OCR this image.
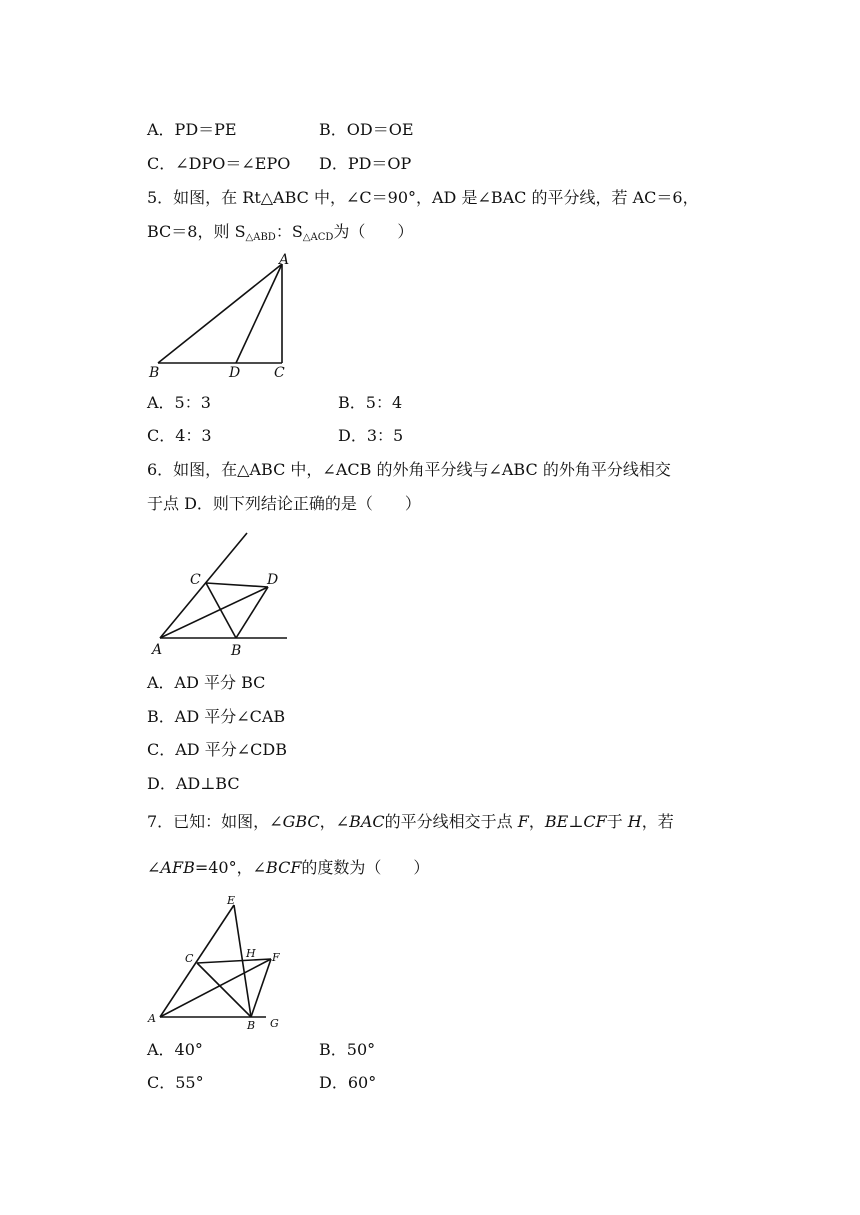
A．PD＝PE	B．OD＝OE
C．∠DPO＝∠EPO D．PD＝OP
5．如图，在 Rt△ABC 中，∠C＝90°，AD 是∠BAC 的平分线，若 AC＝6，
BC＝8，则 $S_{\triangle ABD}$：$S_{\triangle ACD}$为（　　）
A
B	D C
A．5：3	B．5：4
C．4：3	D．3：5
6．如图，在△ABC 中，∠ACB 的外角平分线与∠ABC 的外角平分线相交
于点 D．则下列结论正确的是（　　）
A	B
C	D
A．AD 平分 BC
B．AD 平分∠CAB
C．AD 平分∠CDB
D．AD⊥BC
7．已知：如图，∠GBC，∠BAC的平分线相交于点 F，BE⊥CF于 H，若
∠AFB=40°，∠BCF的度数为（　　）
E
C	H F
A
B G
A．40°	B．50°
C．55°	D．60°
